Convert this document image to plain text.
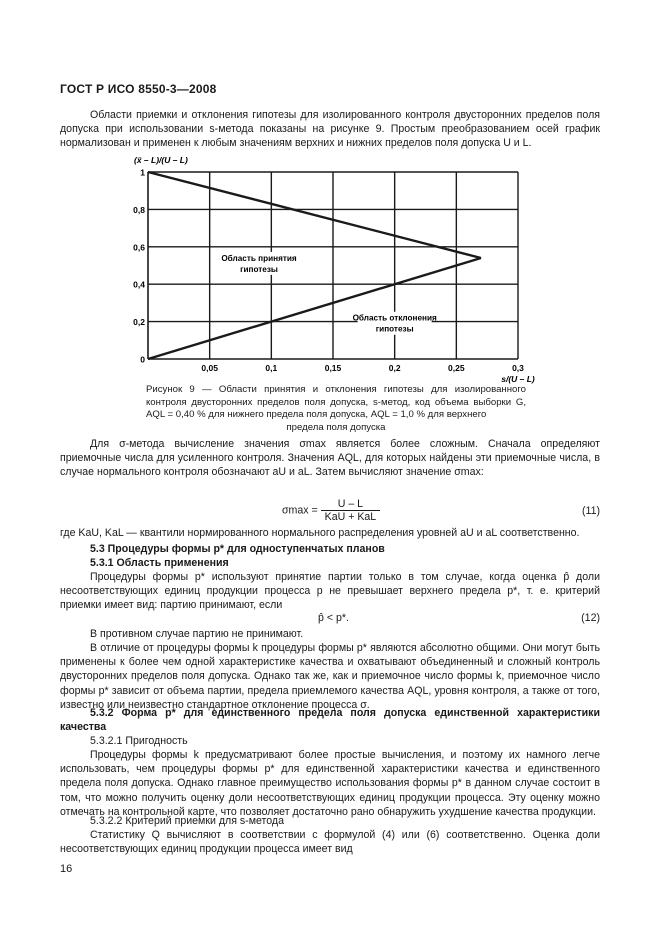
ГОСТ Р ИСО 8550-3—2008
Области приемки и отклонения гипотезы для изолированного контроля двусторонних пределов поля допуска при использовании s-метода показаны на рисунке 9. Простым преобразованием осей график нормализован и применен к любым значениям верхних и нижних пределов поля допуска U и L.
0
0,2
0,4
0,6
0,8
1
0,05	0,1	0,15	0,2	0,25	0,3
(x̄ – L)/(U – L)
s/(U – L)
Область принятия
гипотезы
Область отклонения
гипотезы
Рисунок 9 — Области принятия и отклонения гипотезы для изолированного контроля двусторонних пределов поля допуска, s-метод, код объема выборки G, AQL = 0,40 % для нижнего предела поля допуска, AQL = 1,0 % для верхнего
предела поля допуска
Для σ-метода вычисление значения σmax является более сложным. Сначала определяют приемочные числа для усиленного контроля. Значения AQL, для которых найдены эти приемочные числа, в случае нормального контроля обозначают aU и aL. Затем вычисляют значение σmax:
$\sigma\max = \frac{U - L}{\text{KaU + KaL}}$	(11)
где KaU, KaL — квантили нормированного нормального распределения уровней aU и aL соответственно.
5.3 Процедуры формы p* для одноступенчатых планов
5.3.1 Область применения
Процедуры формы p* используют принятие партии только в том случае, когда оценка p̂ доли несоответствующих единиц продукции процесса p не превышает верхнего предела p*, т. е. критерий приемки имеет вид: партию принимают, если
p̂ < p*.	(12)
В противном случае партию не принимают.
В отличие от процедуры формы k процедуры формы p* являются абсолютно общими. Они могут быть применены к более чем одной характеристике качества и охватывают объединенный и сложный контроль двусторонних пределов поля допуска. Однако так же, как и приемочное число формы k, приемочное число формы p* зависит от объема партии, предела приемлемого качества AQL, уровня контроля, а также от того, известно или неизвестно стандартное отклонение процесса σ.
5.3.2 Форма p* для единственного предела поля допуска единственной характеристики качества
5.3.2.1 Пригодность
Процедуры формы k предусматривают более простые вычисления, и поэтому их намного легче использовать, чем процедуры формы p* для единственной характеристики качества и единственного предела поля допуска. Однако главное преимущество использования формы p* в данном случае состоит в том, что можно получить оценку доли несоответствующих единиц продукции процесса. Эту оценку можно отмечать на контрольной карте, что позволяет достаточно рано обнаружить ухудшение качества продукции.
5.3.2.2 Критерий приемки для s-метода
Статистику Q вычисляют в соответствии с формулой (4) или (6) соответственно. Оценка доли несоответствующих единиц продукции процесса имеет вид
16
